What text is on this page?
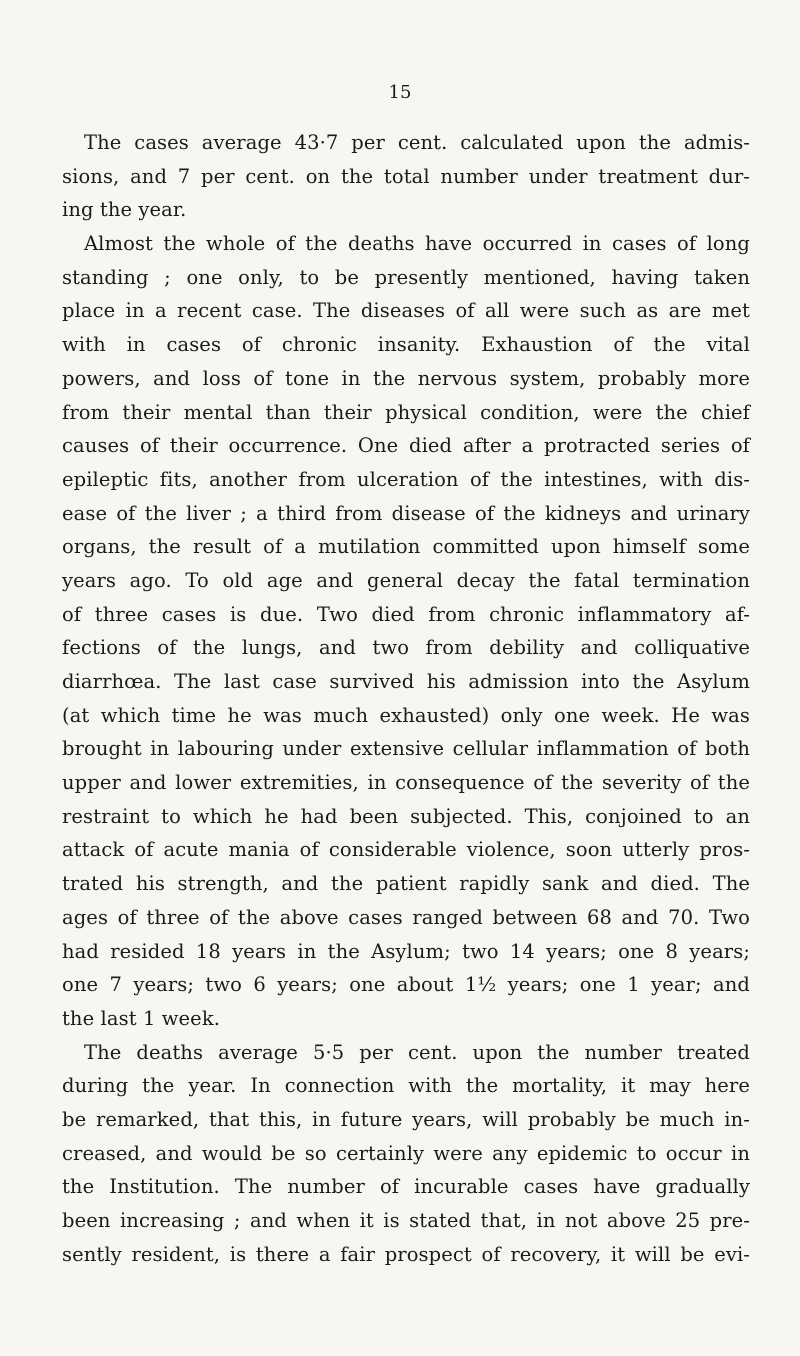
15
The cases average 43·7 per cent. calculated upon the admis-
sions, and 7 per cent. on the total number under treatment dur-
ing the year.
Almost the whole of the deaths have occurred in cases of long
standing ; one only, to be presently mentioned, having taken
place in a recent case. The diseases of all were such as are met
with in cases of chronic insanity. Exhaustion of the vital
powers, and loss of tone in the nervous system, probably more
from their mental than their physical condition, were the chief
causes of their occurrence. One died after a protracted series of
epileptic fits, another from ulceration of the intestines, with dis-
ease of the liver ; a third from disease of the kidneys and urinary
organs, the result of a mutilation committed upon himself some
years ago. To old age and general decay the fatal termination
of three cases is due. Two died from chronic inflammatory af-
fections of the lungs, and two from debility and colliquative
diarrhœa. The last case survived his admission into the Asylum
(at which time he was much exhausted) only one week. He was
brought in labouring under extensive cellular inflammation of both
upper and lower extremities, in consequence of the severity of the
restraint to which he had been subjected. This, conjoined to an
attack of acute mania of considerable violence, soon utterly pros-
trated his strength, and the patient rapidly sank and died. The
ages of three of the above cases ranged between 68 and 70. Two
had resided 18 years in the Asylum; two 14 years; one 8 years;
one 7 years; two 6 years; one about 1½ years; one 1 year; and
the last 1 week.
The deaths average 5·5 per cent. upon the number treated
during the year. In connection with the mortality, it may here
be remarked, that this, in future years, will probably be much in-
creased, and would be so certainly were any epidemic to occur in
the Institution. The number of incurable cases have gradually
been increasing ; and when it is stated that, in not above 25 pre-
sently resident, is there a fair prospect of recovery, it will be evi-
